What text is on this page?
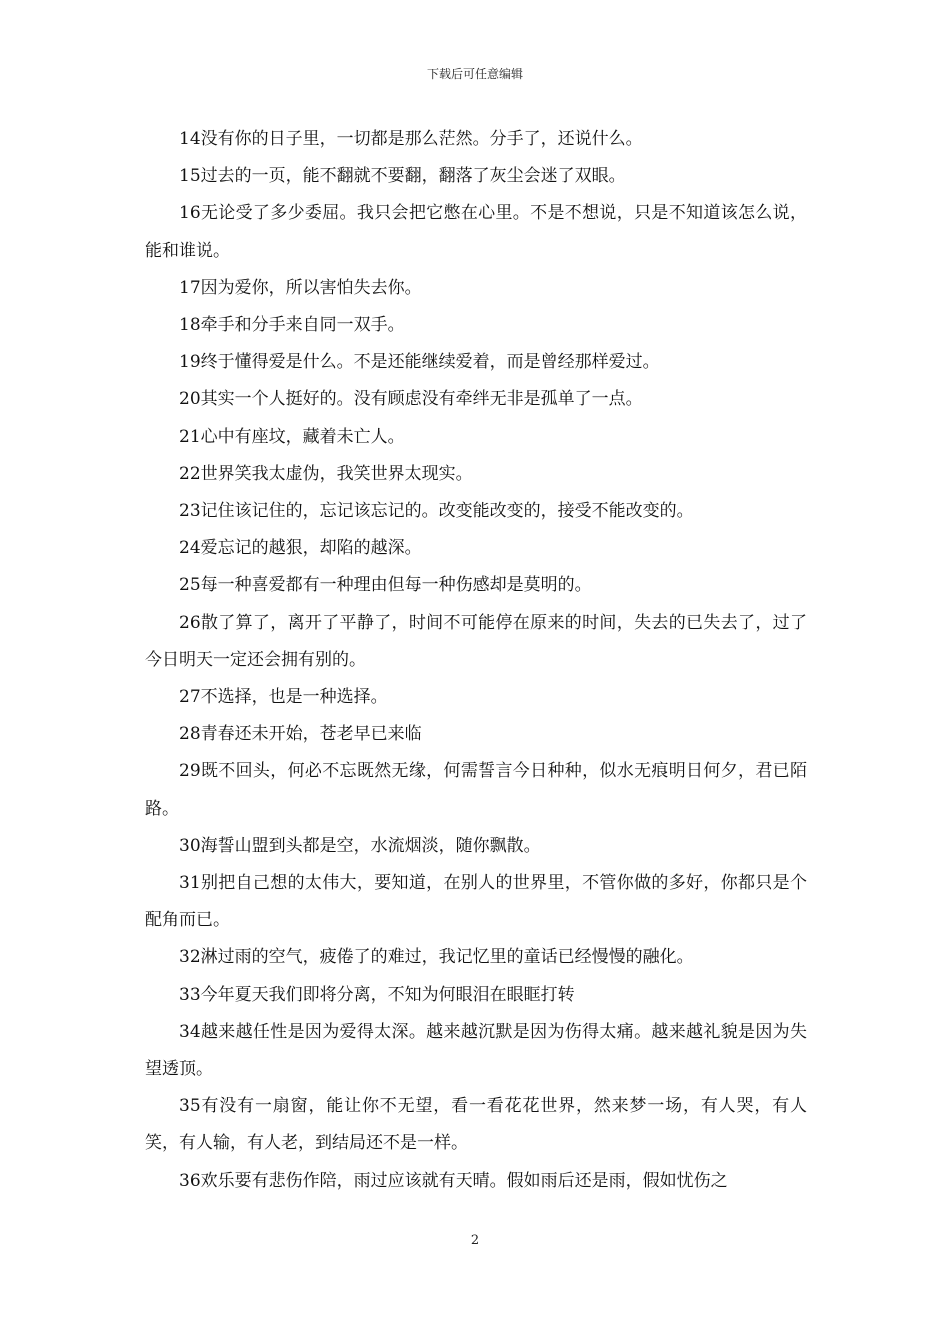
下载后可任意编辑

14没有你的日子里，一切都是那么茫然。分手了，还说什么。

15过去的一页，能不翻就不要翻，翻落了灰尘会迷了双眼。

16无论受了多少委屈。我只会把它憋在心里。不是不想说，只是不知道该怎么说，能和谁说。

17因为爱你，所以害怕失去你。

18牵手和分手来自同一双手。

19终于懂得爱是什么。不是还能继续爱着，而是曾经那样爱过。

20其实一个人挺好的。没有顾虑没有牵绊无非是孤单了一点。

21心中有座坟，藏着未亡人。

22世界笑我太虚伪，我笑世界太现实。

23记住该记住的，忘记该忘记的。改变能改变的，接受不能改变的。

24爱忘记的越狠，却陷的越深。

25每一种喜爱都有一种理由但每一种伤感却是莫明的。

26散了算了，离开了平静了，时间不可能停在原来的时间，失去的已失去了，过了今日明天一定还会拥有别的。

27不选择，也是一种选择。

28青春还未开始，苍老早已来临

29既不回头，何必不忘既然无缘，何需誓言今日种种，似水无痕明日何夕，君已陌路。

30海誓山盟到头都是空，水流烟淡，随你飘散。

31别把自己想的太伟大，要知道，在别人的世界里，不管你做的多好，你都只是个配角而已。

32淋过雨的空气，疲倦了的难过，我记忆里的童话已经慢慢的融化。

33今年夏天我们即将分离，不知为何眼泪在眼眶打转

34越来越任性是因为爱得太深。越来越沉默是因为伤得太痛。越来越礼貌是因为失望透顶。

35有没有一扇窗，能让你不无望，看一看花花世界，然来梦一场，有人哭，有人笑，有人输，有人老，到结局还不是一样。

36欢乐要有悲伤作陪，雨过应该就有天晴。假如雨后还是雨，假如忧伤之

2
